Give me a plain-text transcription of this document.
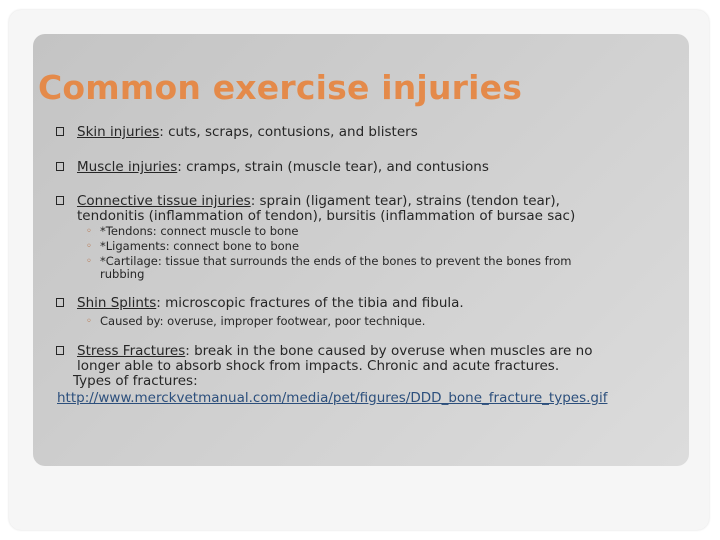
Common exercise injuries
Skin injuries: cuts, scraps, contusions, and blisters
Muscle injuries: cramps, strain (muscle tear), and contusions
Connective tissue injuries: sprain (ligament tear), strains (tendon tear),
tendonitis (inflammation of tendon), bursitis (inflammation of bursae sac)
◦ *Tendons: connect muscle to bone
◦ *Ligaments: connect bone to bone
◦ *Cartilage: tissue that surrounds the ends of the bones to prevent the bones from
rubbing
Shin Splints: microscopic fractures of the tibia and fibula.
◦ Caused by: overuse, improper footwear, poor technique.
Stress Fractures: break in the bone caused by overuse when muscles are no
longer able to absorb shock from impacts. Chronic and acute fractures.
Types of fractures:
http://www.merckvetmanual.com/media/pet/figures/DDD_bone_fracture_types.gif
